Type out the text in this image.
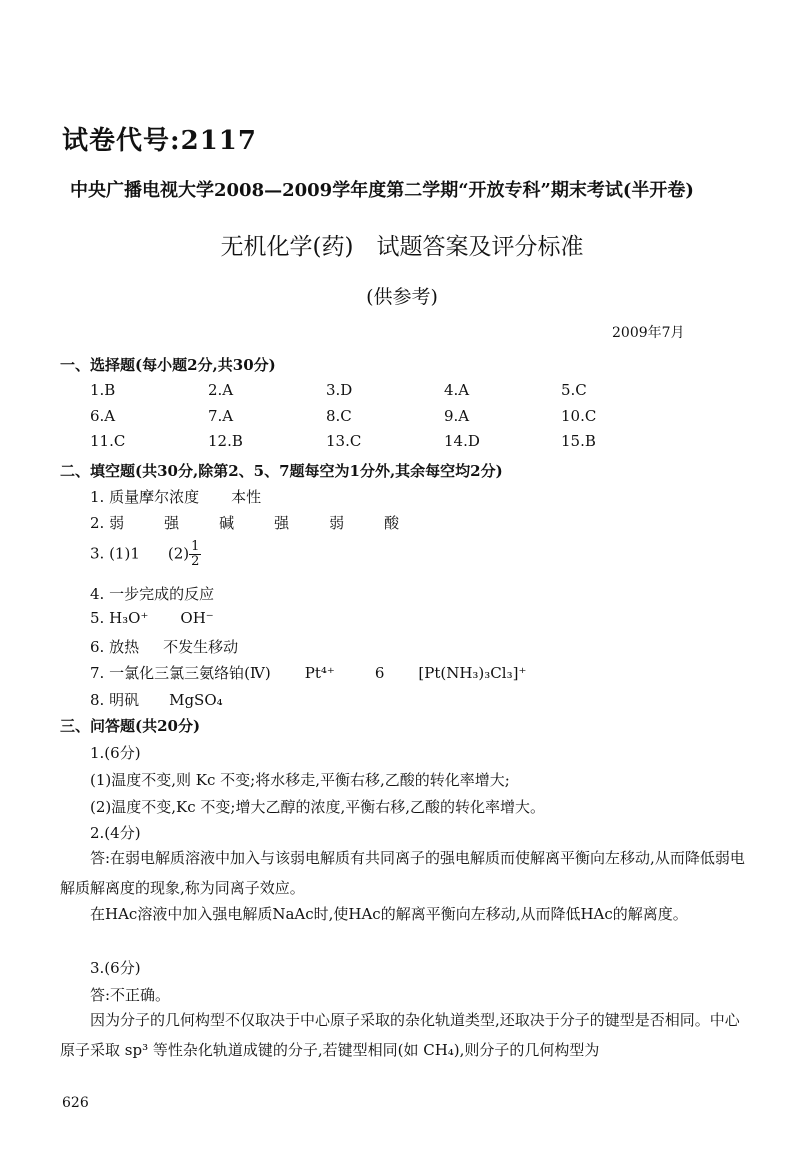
试卷代号:2117
中央广播电视大学2008—2009学年度第二学期“开放专科”期末考试(半开卷)
无机化学(药)　试题答案及评分标准
(供参考)
2009年7月
一、选择题(每小题2分,共30分)
1.B	2.A	3.D	4.A	5.C
6.A	7.A	8.C	9.A	10.C
11.C	12.B	13.C	14.D	15.B
二、填空题(共30分,除第2、5、7题每空为1分外,其余每空均2分)
1. 质量摩尔浓度 本性
2. 弱	强	碱	强	弱	酸
3. (1)1 $(2) \frac{1}{2}$
4. 一步完成的反应
5. H₃O⁺ OH⁻
6. 放热 不发生移动
7. 一氯化三氯三氨络铂(Ⅳ) Pt⁴⁺	6 [Pt(NH₃)₃Cl₃]⁺
8. 明矾 MgSO₄
三、问答题(共20分)
1.(6分)
(1)温度不变,则 Kc 不变;将水移走,平衡右移,乙酸的转化率增大;
(2)温度不变,Kc 不变;增大乙醇的浓度,平衡右移,乙酸的转化率增大。
2.(4分)
答:在弱电解质溶液中加入与该弱电解质有共同离子的强电解质而使解离平衡向左移动,从而降低弱电解质解离度的现象,称为同离子效应。
在HAc溶液中加入强电解质NaAc时,使HAc的解离平衡向左移动,从而降低HAc的解离度。
3.(6分)
答:不正确。
因为分子的几何构型不仅取决于中心原子采取的杂化轨道类型,还取决于分子的键型是否相同。中心原子采取 sp³ 等性杂化轨道成键的分子,若键型相同(如 CH₄),则分子的几何构型为
626
